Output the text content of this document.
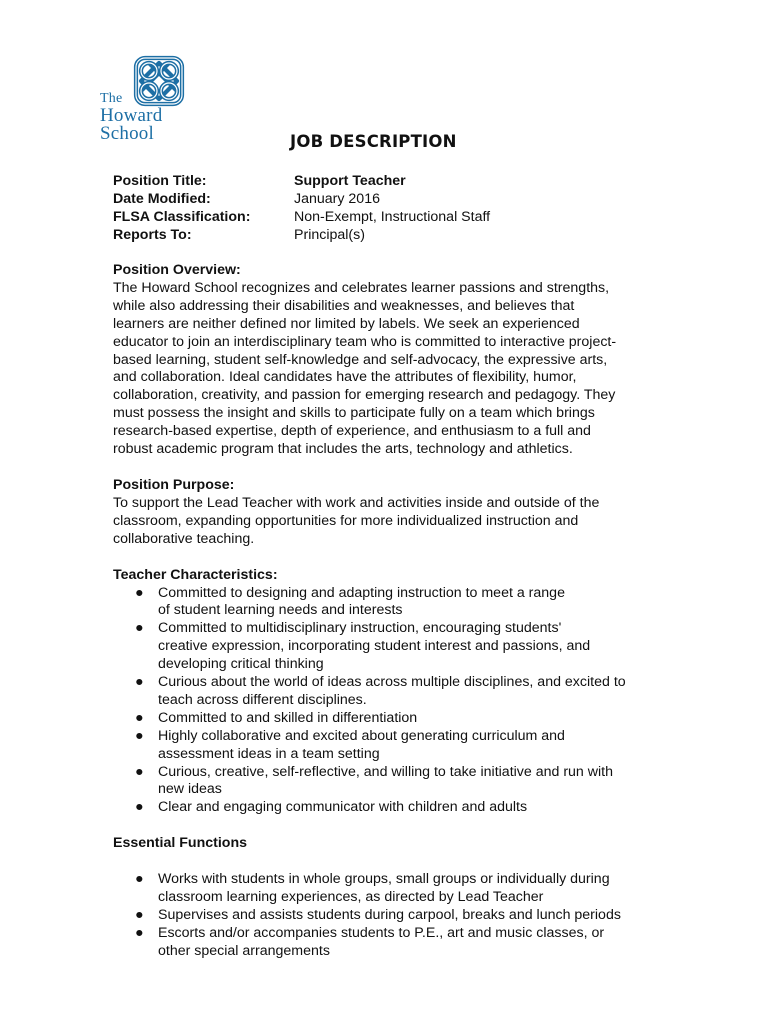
The
Howard
School	JOB DESCRIPTION
Position Title:	Support Teacher
Date Modified:	January 2016
FLSA Classification:	Non-Exempt, Instructional Staff
Reports To:	Principal(s)

Position Overview:

The Howard School recognizes and celebrates learner passions and strengths,
while also addressing their disabilities and weaknesses, and believes that
learners are neither defined nor limited by labels. We seek an experienced
educator to join an interdisciplinary team who is committed to interactive project-
based learning, student self-knowledge and self-advocacy, the expressive arts,
and collaboration. Ideal candidates have the attributes of flexibility, humor,
collaboration, creativity, and passion for emerging research and pedagogy. They
must possess the insight and skills to participate fully on a team which brings
research-based expertise, depth of experience, and enthusiasm to a full and
robust academic program that includes the arts, technology and athletics.

Position Purpose:

To support the Lead Teacher with work and activities inside and outside of the
classroom, expanding opportunities for more individualized instruction and
collaborative teaching.

Teacher Characteristics:

● Committed to designing and adapting instruction to meet a range
of student learning needs and interests
● Committed to multidisciplinary instruction, encouraging students'
creative expression, incorporating student interest and passions, and
developing critical thinking
● Curious about the world of ideas across multiple disciplines, and excited to
teach across different disciplines.
● Committed to and skilled in differentiation
● Highly collaborative and excited about generating curriculum and
assessment ideas in a team setting
● Curious, creative, self-reflective, and willing to take initiative and run with
new ideas
● Clear and engaging communicator with children and adults

Essential Functions

● Works with students in whole groups, small groups or individually during
classroom learning experiences, as directed by Lead Teacher
● Supervises and assists students during carpool, breaks and lunch periods
● Escorts and/or accompanies students to P.E., art and music classes, or
other special arrangements
